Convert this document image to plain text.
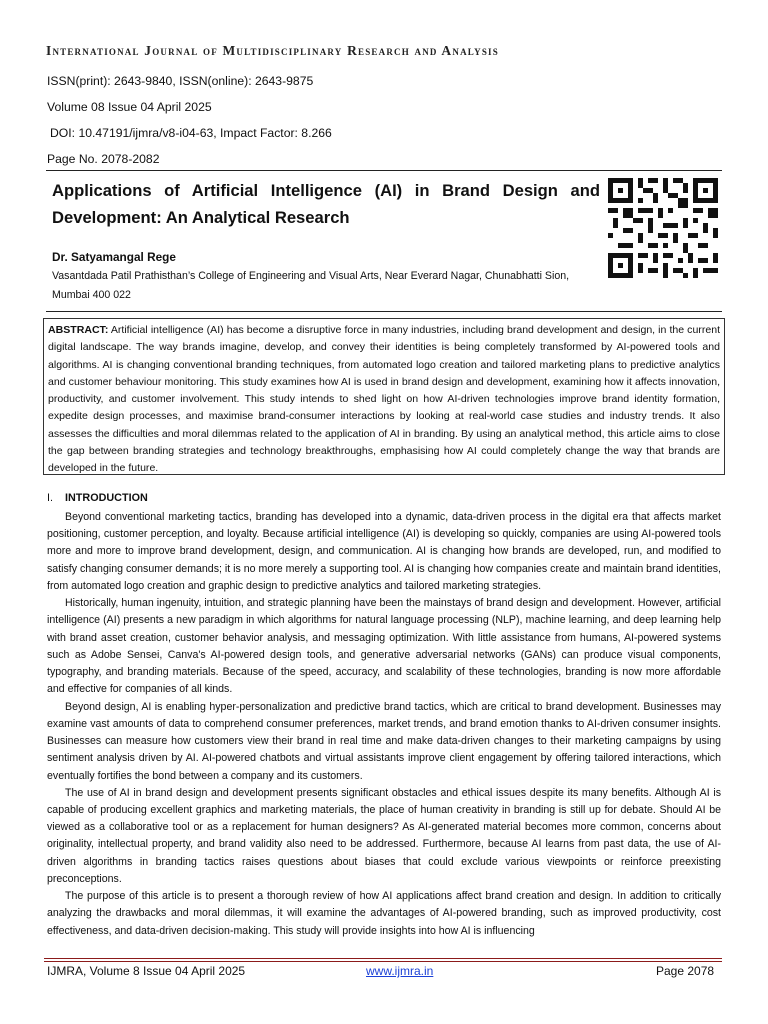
International Journal of Multidisciplinary Research and Analysis
ISSN(print): 2643-9840, ISSN(online): 2643-9875
Volume 08 Issue 04 April 2025
DOI: 10.47191/ijmra/v8-i04-63, Impact Factor: 8.266
Page No. 2078-2082
Applications of Artificial Intelligence (AI) in Brand Design and Development: An Analytical Research
Dr. Satyamangal Rege
Vasantdada Patil Prathisthan’s College of Engineering and Visual Arts, Near Everard Nagar, Chunabhatti Sion, Mumbai 400 022
ABSTRACT: Artificial intelligence (AI) has become a disruptive force in many industries, including brand development and design, in the current digital landscape. The way brands imagine, develop, and convey their identities is being completely transformed by AI-powered tools and algorithms. AI is changing conventional branding techniques, from automated logo creation and tailored marketing plans to predictive analytics and customer behaviour monitoring. This study examines how AI is used in brand design and development, examining how it affects innovation, productivity, and customer involvement. This study intends to shed light on how AI-driven technologies improve brand identity formation, expedite design processes, and maximise brand-consumer interactions by looking at real-world case studies and industry trends. It also assesses the difficulties and moral dilemmas related to the application of AI in branding. By using an analytical method, this article aims to close the gap between branding strategies and technology breakthroughs, emphasising how AI could completely change the way that brands are developed in the future.
I. INTRODUCTION

Beyond conventional marketing tactics, branding has developed into a dynamic, data-driven process in the digital era that affects market positioning, customer perception, and loyalty. Because artificial intelligence (AI) is developing so quickly, companies are using AI-powered tools more and more to improve brand development, design, and communication. AI is changing how brands are developed, run, and modified to satisfy changing consumer demands; it is no more merely a supporting tool. AI is changing how companies create and maintain brand identities, from automated logo creation and graphic design to predictive analytics and tailored marketing strategies.

Historically, human ingenuity, intuition, and strategic planning have been the mainstays of brand design and development. However, artificial intelligence (AI) presents a new paradigm in which algorithms for natural language processing (NLP), machine learning, and deep learning help with brand asset creation, customer behavior analysis, and messaging optimization. With little assistance from humans, AI-powered systems such as Adobe Sensei, Canva's AI-powered design tools, and generative adversarial networks (GANs) can produce visual components, typography, and branding materials. Because of the speed, accuracy, and scalability of these technologies, branding is now more affordable and effective for companies of all kinds.

Beyond design, AI is enabling hyper-personalization and predictive brand tactics, which are critical to brand development. Businesses may examine vast amounts of data to comprehend consumer preferences, market trends, and brand emotion thanks to AI-driven consumer insights. Businesses can measure how customers view their brand in real time and make data-driven changes to their marketing campaigns by using sentiment analysis driven by AI. AI-powered chatbots and virtual assistants improve client engagement by offering tailored interactions, which eventually fortifies the bond between a company and its customers.

The use of AI in brand design and development presents significant obstacles and ethical issues despite its many benefits. Although AI is capable of producing excellent graphics and marketing materials, the place of human creativity in branding is still up for debate. Should AI be viewed as a collaborative tool or as a replacement for human designers? As AI-generated material becomes more common, concerns about originality, intellectual property, and brand validity also need to be addressed. Furthermore, because AI learns from past data, the use of AI-driven algorithms in branding tactics raises questions about biases that could exclude various viewpoints or reinforce preexisting preconceptions.

The purpose of this article is to present a thorough review of how AI applications affect brand creation and design. In addition to critically analyzing the drawbacks and moral dilemmas, it will examine the advantages of AI-powered branding, such as improved productivity, cost effectiveness, and data-driven decision-making. This study will provide insights into how AI is influencing

IJMRA, Volume 8 Issue 04 April 2025	www.ijmra.in	Page 2078
